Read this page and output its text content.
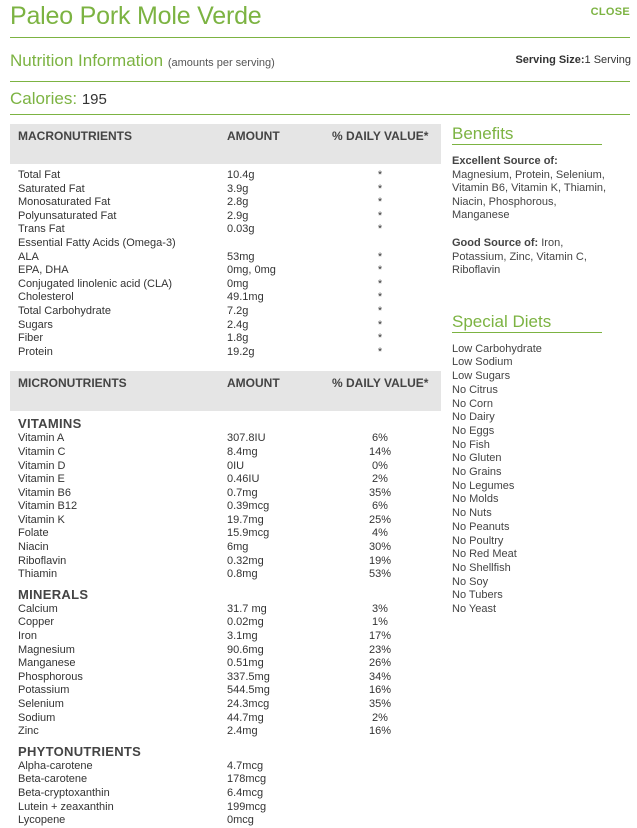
Paleo Pork Mole Verde	CLOSE
Nutrition Information (amounts per serving)	Serving Size:1 Serving
Calories: 195
MACRONUTRIENTS	AMOUNT	% DAILY VALUE*
Total Fat	10.4g	*
Saturated Fat	3.9g	*
Monosaturated Fat	2.8g	*
Polyunsaturated Fat	2.9g	*
Trans Fat	0.03g	*
Essential Fatty Acids (Omega-3)
ALA	53mg	*
EPA, DHA	0mg, 0mg	*
Conjugated linolenic acid (CLA)	0mg	*
Cholesterol	49.1mg	*
Total Carbohydrate	7.2g	*
Sugars	2.4g	*
Fiber	1.8g	*
Protein	19.2g	*
MICRONUTRIENTS	AMOUNT	% DAILY VALUE*
VITAMINS
Vitamin A	307.8IU	6%
Vitamin C	8.4mg	14%
Vitamin D	0IU	0%
Vitamin E	0.46IU	2%
Vitamin B6	0.7mg	35%
Vitamin B12	0.39mcg	6%
Vitamin K	19.7mg	25%
Folate	15.9mcg	4%
Niacin	6mg	30%
Riboflavin	0.32mg	19%
Thiamin	0.8mg	53%
MINERALS
Calcium	31.7 mg	3%
Copper	0.02mg	1%
Iron	3.1mg	17%
Magnesium	90.6mg	23%
Manganese	0.51mg	26%
Phosphorous	337.5mg	34%
Potassium	544.5mg	16%
Selenium	24.3mcg	35%
Sodium	44.7mg	2%
Zinc	2.4mg	16%
PHYTONUTRIENTS
Alpha-carotene	4.7mcg
Beta-carotene	178mcg
Beta-cryptoxanthin	6.4mcg
Lutein + zeaxanthin	199mcg
Lycopene	0mcg
Benefits
Excellent Source of:
Magnesium, Protein, Selenium, Vitamin B6, Vitamin K, Thiamin, Niacin, Phosphorous, Manganese
Good Source of: Iron, Potassium, Zinc, Vitamin C, Riboflavin
Special Diets
Low Carbohydrate
Low Sodium
Low Sugars
No Citrus
No Corn
No Dairy
No Eggs
No Fish
No Gluten
No Grains
No Legumes
No Molds
No Nuts
No Peanuts
No Poultry
No Red Meat
No Shellfish
No Soy
No Tubers
No Yeast
